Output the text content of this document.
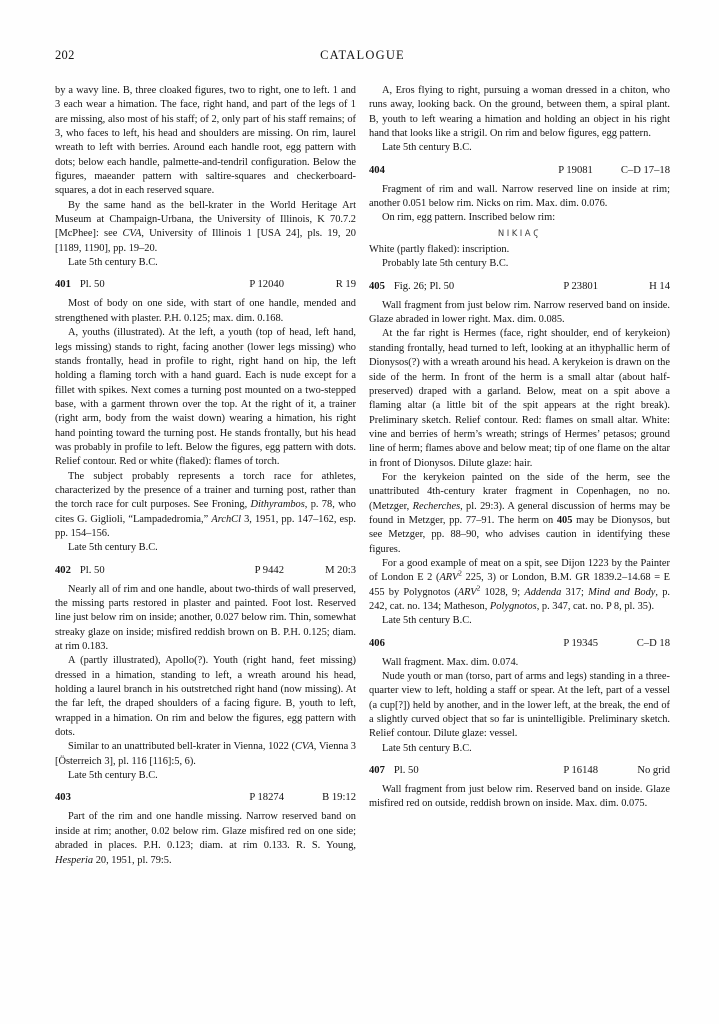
202	CATALOGUE

by a wavy line. B, three cloaked figures, two to right, one to left. 1 and 3 each wear a himation. The face, right hand, and part of the legs of 1 are missing, also most of his staff; of 2, only part of his staff remains; of 3, who faces to left, his head and shoulders are missing. On rim, laurel wreath to left with berries. Around each handle root, egg pattern with dots; below each handle, palmette-and-tendril configuration. Below the figures, maeander pattern with saltire-squares and checkerboard-squares, a dot in each reserved square.

By the same hand as the bell-krater in the World Heritage Art Museum at Champaign-Urbana, the University of Illinois, K 70.7.2 [McPhee]: see CVA, University of Illinois 1 [USA 24], pls. 19, 20 [1189, 1190], pp. 19–20.

Late 5th century B.C.

401 Pl. 50	P 12040	R 19

Most of body on one side, with start of one handle, mended and strengthened with plaster. P.H. 0.125; max. dim. 0.168.

A, youths (illustrated). At the left, a youth (top of head, left hand, legs missing) stands to right, facing another (lower legs missing) who stands frontally, head in profile to right, right hand on hip, the left holding a flaming torch with a hand guard. Each is nude except for a fillet with spikes. Next comes a turning post mounted on a two-stepped base, with a garment thrown over the top. At the right of it, a trainer (right arm, body from the waist down) wearing a himation, his right hand pointing toward the turning post. He stands frontally, but his head was probably in profile to left. Below the figures, egg pattern with dots. Relief contour. Red or white (flaked): flames of torch.

The subject probably represents a torch race for athletes, characterized by the presence of a trainer and turning post, rather than the torch race for cult purposes. See Froning, Dithyrambos, p. 78, who cites G. Giglioli, “Lampadedromia,” ArchCl 3, 1951, pp. 147–162, esp. pp. 154–156.

Late 5th century B.C.

402 Pl. 50	P 9442	M 20:3

Nearly all of rim and one handle, about two-thirds of wall preserved, the missing parts restored in plaster and painted. Foot lost. Reserved line just below rim on inside; another, 0.027 below rim. Thin, somewhat streaky glaze on inside; misfired reddish brown on B. P.H. 0.125; diam. at rim 0.183.

A (partly illustrated), Apollo(?). Youth (right hand, feet missing) dressed in a himation, standing to left, a wreath around his head, holding a laurel branch in his outstretched right hand (now missing). At the far left, the draped shoulders of a facing figure. B, youth to left, wrapped in a himation. On rim and below the figures, egg pattern with dots.

Similar to an unattributed bell-krater in Vienna, 1022 (CVA, Vienna 3 [Österreich 3], pl. 116 [116]:5, 6).

Late 5th century B.C.

403	P 18274	B 19:12

Part of the rim and one handle missing. Narrow reserved band on inside at rim; another, 0.02 below rim. Glaze misfired red on one side; abraded in places. P.H. 0.123; diam. at rim 0.133. R. S. Young, Hesperia 20, 1951, pl. 79:5.

A, Eros flying to right, pursuing a woman dressed in a chiton, who runs away, looking back. On the ground, between them, a spiral plant. B, youth to left wearing a himation and holding an object in his right hand that looks like a strigil. On rim and below figures, egg pattern.

Late 5th century B.C.

404	P 19081	C–D 17–18

Fragment of rim and wall. Narrow reserved line on inside at rim; another 0.051 below rim. Nicks on rim. Max. dim. 0.076.

On rim, egg pattern. Inscribed below rim:

ΝΙΚΙΑϚ

White (partly flaked): inscription.

Probably late 5th century B.C.

405 Fig. 26; Pl. 50	P 23801	H 14

Wall fragment from just below rim. Narrow reserved band on inside. Glaze abraded in lower right. Max. dim. 0.085.

At the far right is Hermes (face, right shoulder, end of kerykeion) standing frontally, head turned to left, looking at an ithyphallic herm of Dionysos(?) with a wreath around his head. A kerykeion is drawn on the side of the herm. In front of the herm is a small altar (about half-preserved) draped with a garland. Below, meat on a spit above a flaming altar (a little bit of the spit appears at the right break). Preliminary sketch. Relief contour. Red: flames on small altar. White: vine and berries of herm’s wreath; strings of Hermes’ petasos; ground line of herm; flames above and below meat; tip of one flame on the altar in front of Dionysos. Dilute glaze: hair.

For the kerykeion painted on the side of the herm, see the unattributed 4th-century krater fragment in Copenhagen, no no. (Metzger, Recherches, pl. 29:3). A general discussion of herms may be found in Metzger, pp. 77–91. The herm on 405 may be Dionysos, but see Metzger, pp. 88–90, who advises caution in identifying these figures.

For a good example of meat on a spit, see Dijon 1223 by the Painter of London E 2 (ARV$^2$ 225, 3) or London, B.M. GR 1839.2–14.68 = E 455 by Polygnotos (ARV$^2$ 1028, 9; Addenda 317; Mind and Body, p. 242, cat. no. 134; Matheson, Polygnotos, p. 347, cat. no. P 8, pl. 35).

Late 5th century B.C.

406	P 19345	C–D 18

Wall fragment. Max. dim. 0.074.

Nude youth or man (torso, part of arms and legs) standing in a three-quarter view to left, holding a staff or spear. At the left, part of a vessel (a cup[?]) held by another, and in the lower left, at the break, the end of a slightly curved object that so far is unintelligible. Preliminary sketch. Relief contour. Dilute glaze: vessel.

Late 5th century B.C.

407 Pl. 50	P 16148	No grid

Wall fragment from just below rim. Reserved band on inside. Glaze misfired red on outside, reddish brown on inside. Max. dim. 0.075.
